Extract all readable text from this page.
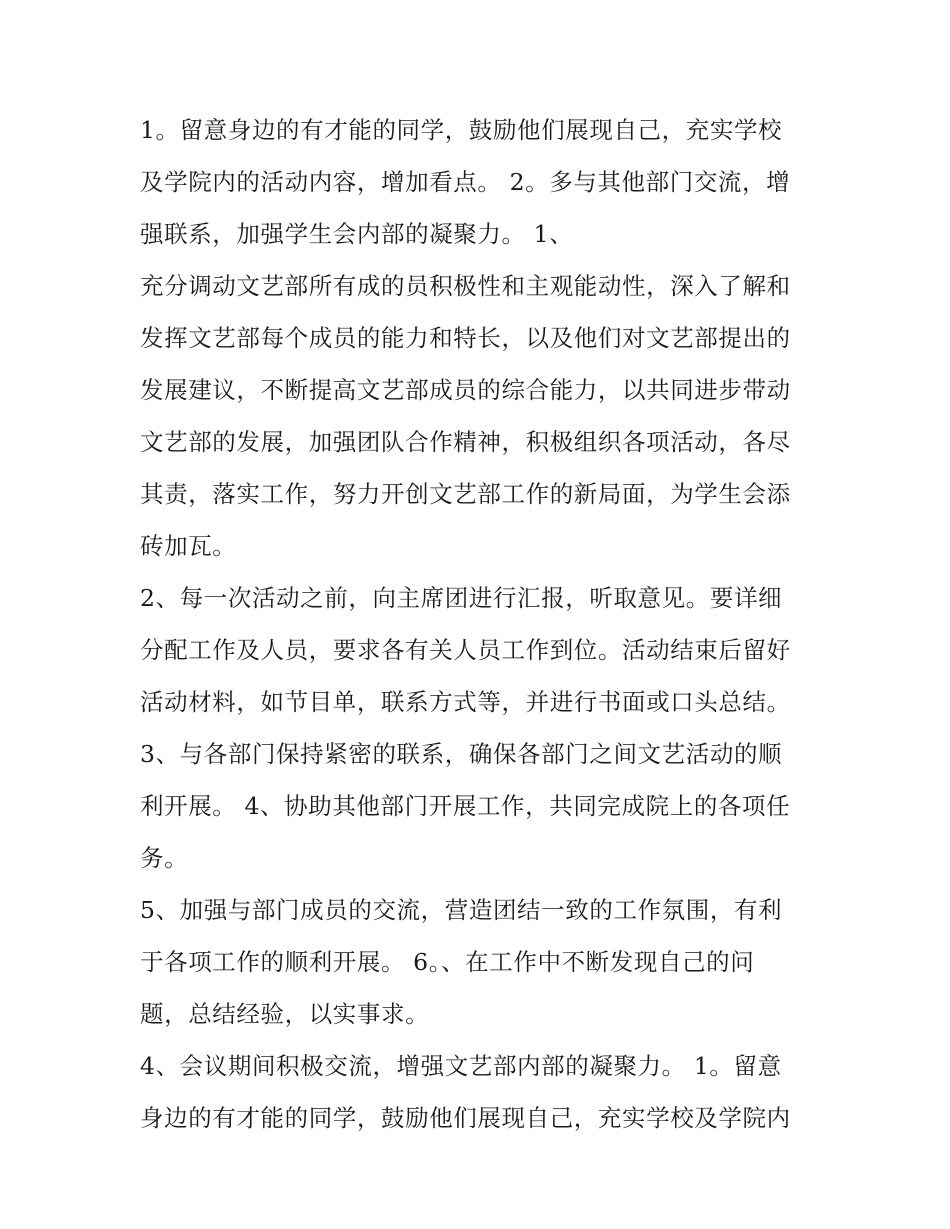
1。留意身边的有才能的同学，鼓励他们展现自己，充实学校
及学院内的活动内容，增加看点。 2。多与其他部门交流，增
强联系，加强学生会内部的凝聚力。 1、
充分调动文艺部所有成的员积极性和主观能动性，深入了解和
发挥文艺部每个成员的能力和特长，以及他们对文艺部提出的
发展建议，不断提高文艺部成员的综合能力，以共同进步带动
文艺部的发展，加强团队合作精神，积极组织各项活动，各尽
其责，落实工作，努力开创文艺部工作的新局面，为学生会添
砖加瓦。
2、每一次活动之前，向主席团进行汇报，听取意见。要详细
分配工作及人员，要求各有关人员工作到位。活动结束后留好
活动材料，如节目单，联系方式等，并进行书面或口头总结。
3、与各部门保持紧密的联系，确保各部门之间文艺活动的顺
利开展。 4、协助其他部门开展工作，共同完成院上的各项任
务。
5、加强与部门成员的交流，营造团结一致的工作氛围，有利
于各项工作的顺利开展。 6。、在工作中不断发现自己的问
题，总结经验，以实事求。
4、会议期间积极交流，增强文艺部内部的凝聚力。 1。留意
身边的有才能的同学，鼓励他们展现自己，充实学校及学院内
